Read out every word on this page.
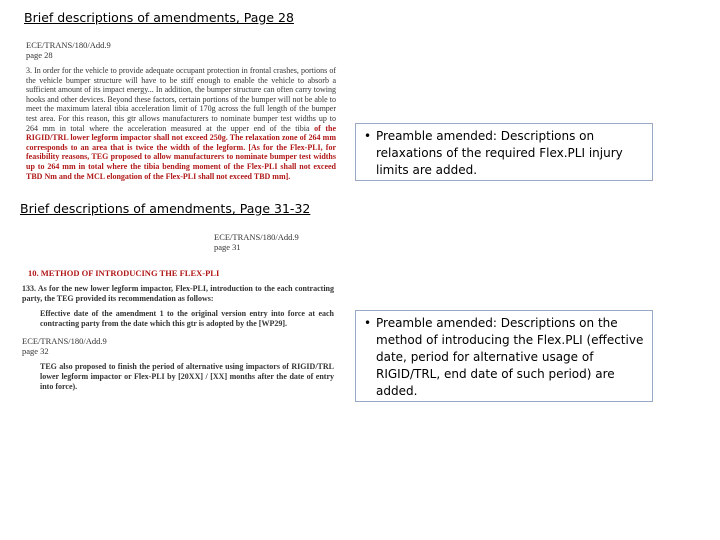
Brief descriptions of amendments, Page 28
ECE/TRANS/180/Add.9
page 28
3. In order for the vehicle to provide adequate occupant protection in frontal crashes, portions of the vehicle bumper structure will have to be stiff enough to enable the vehicle to absorb a sufficient amount of its impact energy... In addition, the bumper structure can often carry towing hooks and other devices. Beyond these factors, certain portions of the bumper will not be able to meet the maximum lateral tibia acceleration limit of 170g across the full length of the bumper test area. For this reason, this gtr allows manufacturers to nominate bumper test widths up to 264 mm in total where the acceleration measured at the upper end of the tibia of the RIGID/TRL lower legform impactor shall not exceed 250g. The relaxation zone of 264 mm corresponds to an area that is twice the width of the legform. [As for the Flex-PLI, for feasibility reasons, TEG proposed to allow manufacturers to nominate bumper test widths up to 264 mm in total where the tibia bending moment of the Flex-PLI shall not exceed TBD Nm and the MCL elongation of the Flex-PLI shall not exceed TBD mm].
• Preamble amended: Descriptions on relaxations of the required Flex.PLI injury limits are added.
Brief descriptions of amendments, Page 31-32
ECE/TRANS/180/Add.9
page 31
10. METHOD OF INTRODUCING THE FLEX-PLI
133. As for the new lower legform impactor, Flex-PLI, introduction to the each contracting party, the TEG provided its recommendation as follows:
Effective date of the amendment 1 to the original version entry into force at each contracting party from the date which this gtr is adopted by the [WP29].
ECE/TRANS/180/Add.9
page 32
TEG also proposed to finish the period of alternative using impactors of RIGID/TRL lower legform impactor or Flex-PLI by [20XX] / [XX] months after the date of entry into force).
• Preamble amended: Descriptions on the method of introducing the Flex.PLI (effective date, period for alternative usage of RIGID/TRL, end date of such period) are added.
